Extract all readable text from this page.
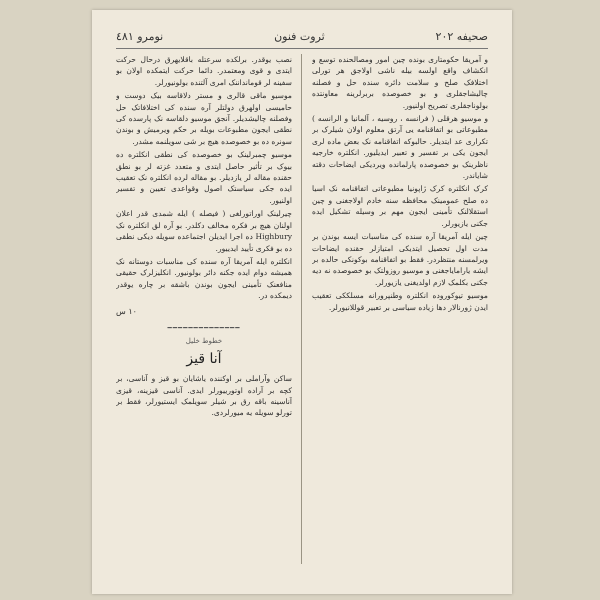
صحيفه ٢٠٢
ثروت فنون
نومرو ٤٨١

و آمریقا حکومتاری بونده چین امور ومصالحنده توسع و انکشاف واقع اولسه بیله ناشی اولاجق هر تورلی اختلافک صلح و سلامت دائره سنده حل و فصلنه چالیشاجقلری و بو خصوصده بربرلرینه معاونتده بولوناجقلری تصریح اولنیور.

و موسیو هرقلی ( فرانسه ، روسیه ، آلمانیا و الرانسه ) مطبوعاتی بو اتفاقنامه یی آرتق معلوم اولان شیلرک بر تکراری عد ایتدیلر. حالبوکه اتفاقنامه نک بعض ماده لری ایجون یکی بر تفسیر و تعبیر ایدیلیور. انکلتره خارجیه ناظرینک بو خصوصده پارلمانده ویردیکی ایضاحات دقته شایاندر.

کرک انکلتره کرک ژاپونیا مطبوعاتی اتفاقنامه نک اسیا ده صلح عمومینک محافظه سنه خادم اولاجغنی و چین استقلالنک تأمینی ایجون مهم بر وسیله تشکیل ایده جکنی یازیورلر.

چین ایله آمریقا آره سنده کی مناسبات ایسه بوندن بر مدت اول تحصیل ایتدیکی امتیازلر حقنده ایضاحات ویرلمسنه منتظردر. فقط بو اتفاقنامه بوکونکی حالده بر ایشه یارامایاجغنی و موسیو روزولتک بو خصوصده نه دیه جکنی بکلمک لازم اولدیغنی یازیورلر.

موسیو تیوکوروده انکلتره وطنپرورانه مسلککی تعقیب ایدن ژورنالار دها زیاده سیاسی بر تعبیر قوللانیورلر.

نصب یوقدر. برلکده سرعتله باقلایهرق درحال حرکت ایتدی و قوی ومعتمدر. دائما حرکت ایتمکده اولان بو سفینه لر قومانداننک امری آلتنده بولونیورلر.

موسیو ماقی قالری و مستر دلاقاسه بیک دوست و حامیسی اولهرق دولتلر آره سنده کی اختلافاتک حل وفصلنه چالیشدیلر. آنجق موسیو دلقاسه نک پارسده کی نطقی ایجون مطبوعات بویله بر حکم ویرمیش و بوندن سونره ده بو خصوصده هیچ بر شی سویلنمه مشدر.

موسیو چمبرلینک بو خصوصده کی نطقی انکلتره ده بیوک بر تأثیر حاصل ایتدی و متعدد غزته لر بو نطق حقنده مقاله لر یازدیلر. بو مقاله لرده انکلتره نک تعقیب ایده جکی سیاستک اصول وقواعدی تعیین و تفسیر اولنیور.

چیرلینک اوراتورلغی ( فیصله ) ایله شمدی قدر اعلان اولنان هیچ بر فکره مخالف دکلدر. بو آره لق انکلتره نک Highbury ده اجرا ایدیلن اجتماعده سویله دیکی نطقی ده بو فکری تأیید ایدییور.

انکلتره ایله آمریقا آره سنده کی مناسبات دوستانه نک همیشه دوام ایده جکنه دائر بولونیور. انکلیزلرک حقیقی منافعنک تأمینی ایجون بوندن باشقه بر چاره یوقدر دیمکده در.

١٠ س
━━━━━━━━━━━━━━
خطوط خلیل
آنا قیز

ساکن وآراملی بر اوکننده یاشایان بو قیز و آناسی، بر کچه بر آراده اوتورییورلر ایدی. آناسی قیزینه، قیزی آناسینه باقه رق بر شیلر سویلمک ایستیورلر، فقط بر تورلو سویله یه میورلردی.
